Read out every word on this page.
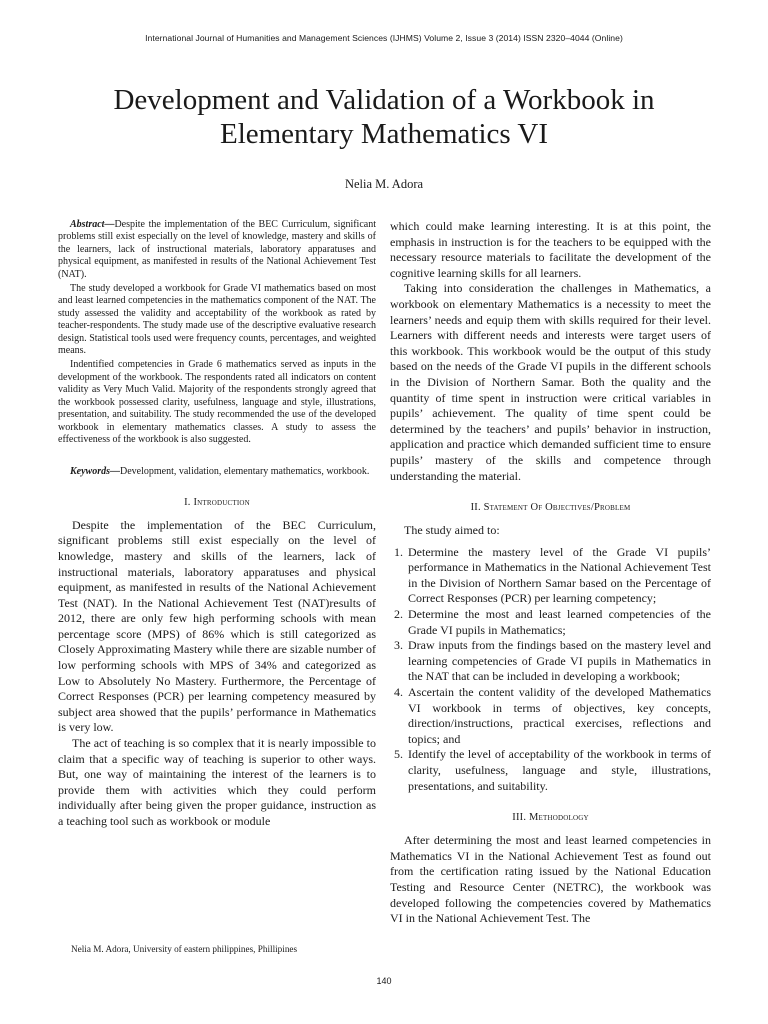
International Journal of Humanities and Management Sciences (IJHMS) Volume 2, Issue 3 (2014) ISSN 2320–4044 (Online)
Development and Validation of a Workbook in
Elementary Mathematics VI
Nelia M. Adora

Abstract—Despite the implementation of the BEC Curriculum, significant problems still exist especially on the level of knowledge, mastery and skills of the learners, lack of instructional materials, laboratory apparatuses and physical equipment, as manifested in results of the National Achievement Test (NAT).

The study developed a workbook for Grade VI mathematics based on most and least learned competencies in the mathematics component of the NAT. The study assessed the validity and acceptability of the workbook as rated by teacher-respondents. The study made use of the descriptive evaluative research design. Statistical tools used were frequency counts, percentages, and weighted means.

Indentified competencies in Grade 6 mathematics served as inputs in the development of the workbook. The respondents rated all indicators on content validity as Very Much Valid. Majority of the respondents strongly agreed that the workbook possessed clarity, usefulness, language and style, illustrations, presentation, and suitability. The study recommended the use of the developed workbook in elementary mathematics classes. A study to assess the effectiveness of the workbook is also suggested.

Keywords—Development, validation, elementary mathematics, workbook.

I. Introduction

Despite the implementation of the BEC Curriculum, significant problems still exist especially on the level of knowledge, mastery and skills of the learners, lack of instructional materials, laboratory apparatuses and physical equipment, as manifested in results of the National Achievement Test (NAT). In the National Achievement Test (NAT)results of 2012, there are only few high performing schools with mean percentage score (MPS) of 86% which is still categorized as Closely Approximating Mastery while there are sizable number of low performing schools with MPS of 34% and categorized as Low to Absolutely No Mastery. Furthermore, the Percentage of Correct Responses (PCR) per learning competency measured by subject area showed that the pupils’ performance in Mathematics is very low.

The act of teaching is so complex that it is nearly impossible to claim that a specific way of teaching is superior to other ways. But, one way of maintaining the interest of the learners is to provide them with activities which they could perform individually after being given the proper guidance, instruction as a teaching tool such as workbook or module

which could make learning interesting. It is at this point, the emphasis in instruction is for the teachers to be equipped with the necessary resource materials to facilitate the development of the cognitive learning skills for all learners.

Taking into consideration the challenges in Mathematics, a workbook on elementary Mathematics is a necessity to meet the learners’ needs and equip them with skills required for their level. Learners with different needs and interests were target users of this workbook. This workbook would be the output of this study based on the needs of the Grade VI pupils in the different schools in the Division of Northern Samar. Both the quality and the quantity of time spent in instruction were critical variables in pupils’ achievement. The quality of time spent could be determined by the teachers’ and pupils’ behavior in instruction, application and practice which demanded sufficient time to ensure pupils’ mastery of the skills and competence through understanding the material.

II. Statement Of Objectives/Problem

The study aimed to:

1. Determine the mastery level of the Grade VI pupils’ performance in Mathematics in the National Achievement Test in the Division of Northern Samar based on the Percentage of Correct Responses (PCR) per learning competency;
2. Determine the most and least learned competencies of the Grade VI pupils in Mathematics;
3. Draw inputs from the findings based on the mastery level and learning competencies of Grade VI pupils in Mathematics in the NAT that can be included in developing a workbook;
4. Ascertain the content validity of the developed Mathematics VI workbook in terms of objectives, key concepts, direction/instructions, practical exercises, reflections and topics; and
5. Identify the level of acceptability of the workbook in terms of clarity, usefulness, language and style, illustrations, presentations, and suitability.
III. Methodology

After determining the most and least learned competencies in Mathematics VI in the National Achievement Test as found out from the certification rating issued by the National Education Testing and Resource Center (NETRC), the workbook was developed following the competencies covered by Mathematics VI in the National Achievement Test. The

Nelia M. Adora, University of eastern philippines, Phillipines
140
